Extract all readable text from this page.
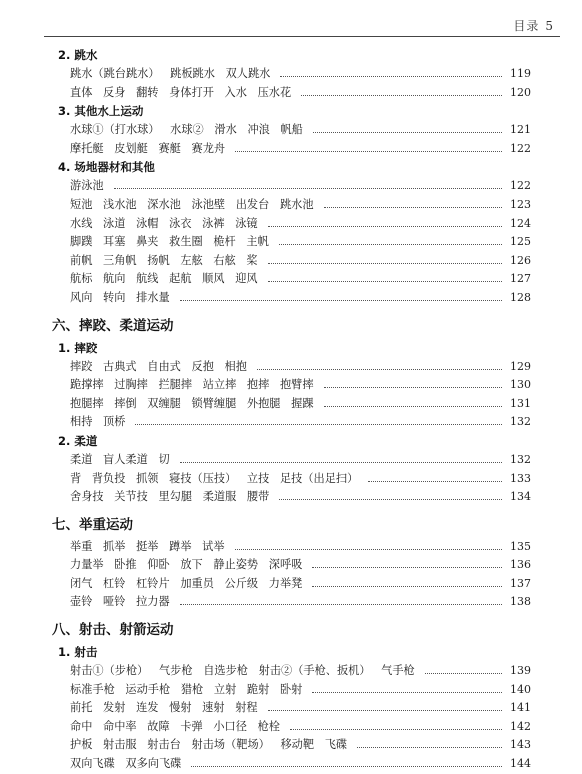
目录 5
2. 跳水
跳水（跳台跳水）   跳板跳水   双人跳水	119
直体   反身   翻转   身体打开   入水   压水花	120
3. 其他水上运动
水球①（打水球）   水球②   滑水   冲浪   帆船	121
摩托艇   皮划艇   赛艇   赛龙舟	122
4. 场地器材和其他
游泳池	122
短池   浅水池   深水池   泳池壁   出发台   跳水池	123
水线   泳道   泳帽   泳衣   泳裤   泳镜	124
脚蹼   耳塞   鼻夹   救生圈   桅杆   主帆	125
前帆   三角帆   扬帆   左舷   右舷   桨	126
航标   航向   航线   起航   顺风   迎风	127
风向   转向   排水量	128
六、摔跤、柔道运动
1. 摔跤
摔跤   古典式   自由式   反抱   相抱	129
跪撑摔   过胸摔   拦腿摔   站立摔   抱摔   抱臂摔	130
抱腿摔   摔倒   双缠腿   锁臂缠腿   外抱腿   握踝	131
相持   顶桥	132
2. 柔道
柔道   盲人柔道   切	132
背   背负投   抓领   寝技（压技）   立技   足技（出足扫）	133
舍身技   关节技   里勾腿   柔道服   腰带	134
七、举重运动
举重   抓举   挺举   蹲举   试举	135
力量举   卧推   仰卧   放下   静止姿势   深呼吸	136
闭气   杠铃   杠铃片   加重员   公斤级   力举凳	137
壶铃   哑铃   拉力器	138
八、射击、射箭运动
1. 射击
射击①（步枪）   气步枪   自选步枪   射击②（手枪、扳机）   气手枪	139
标准手枪   运动手枪   猎枪   立射   跪射   卧射	140
前托   发射   连发   慢射   速射   射程	141
命中   命中率   故障   卡弹   小口径   枪栓	142
护板   射击服   射击台   射击场（靶场）   移动靶   飞碟	143
双向飞碟   双多向飞碟	144
